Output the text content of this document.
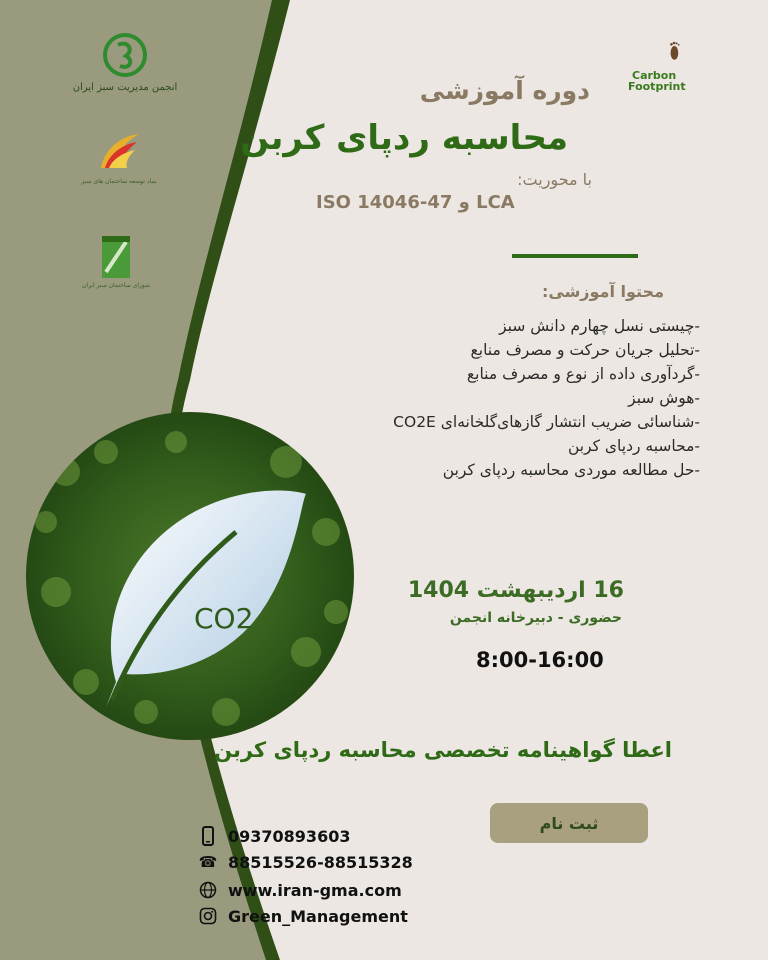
انجمن مدیریت سبز ایران
بنیاد توسعه ساختمان های سبز
شورای ساختمان سبز ایران
Carbon
Footprint
دوره آموزشی
محاسبه ردپای کربن
با محوریت:
ISO 14046-47 و LCA
محتوا آموزشی:
-چیستی نسل چهارم دانش سبز
-تحلیل جریان حرکت و مصرف منابع
-گردآوری داده از نوع و مصرف منابع
-هوش سبز
-شناسائی ضریب انتشار گازهای‌گلخانه‌ای CO2E
-محاسبه ردپای کربن
-حل مطالعه موردی محاسبه ردپای کربن
CO2
16 اردیبهشت 1404
حضوری - دبیرخانه انجمن
8:00-16:00
اعطا گواهینامه تخصصی محاسبه ردپای کربن
ثبت نام
09370893603
☎ 88515526-88515328
www.iran-gma.com
Green_Management
